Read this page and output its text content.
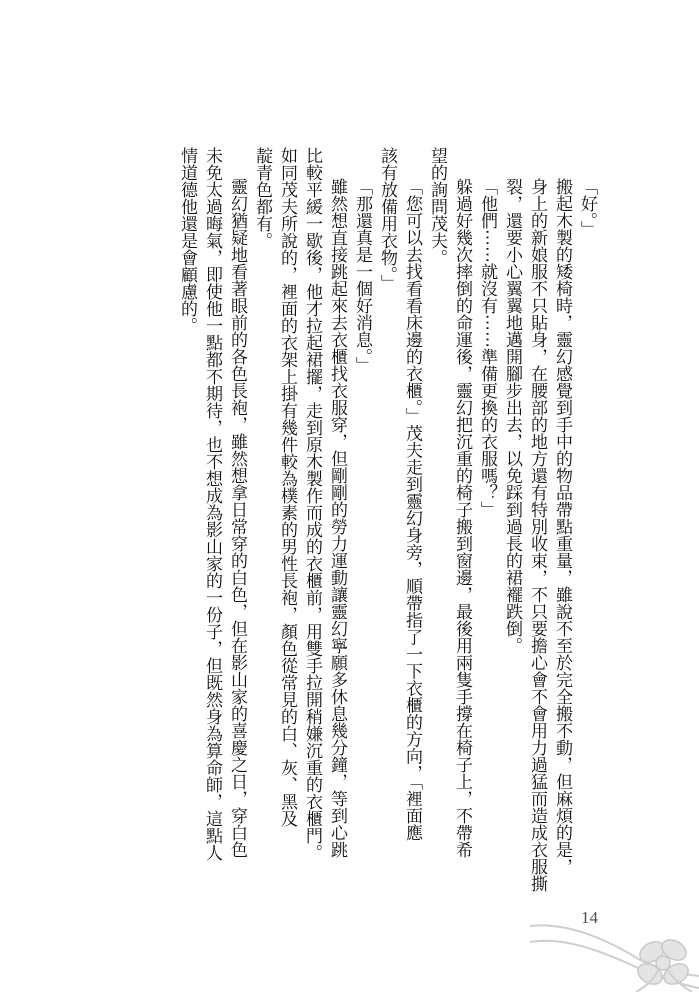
「好。」

搬起木製的矮椅時，靈幻感覺到手中的物品帶點重量，雖說不至於完全搬不動，但麻煩的是，

身上的新娘服不只貼身，在腰部的地方還有特別收束，不只要擔心會不會用力過猛而造成衣服撕

裂，還要小心翼翼地邁開腳步出去，以免踩到過長的裙襬跌倒。

「他們⋯⋯就沒有⋯⋯準備更換的衣服嗎？」

躲過好幾次摔倒的命運後，靈幻把沉重的椅子搬到窗邊，最後用兩隻手撐在椅子上，不帶希

望的詢問茂夫。

「您可以去找看看床邊的衣櫃。」茂夫走到靈幻身旁，順帶指了一下衣櫃的方向，「裡面應

該有放備用衣物。」

「那還真是一個好消息。」

雖然想直接跳起來去衣櫃找衣服穿，但剛剛的勞力運動讓靈幻寧願多休息幾分鐘，等到心跳

比較平緩一歇後，他才拉起裙擺，走到原木製作而成的衣櫃前，用雙手拉開稍嫌沉重的衣櫃門。

如同茂夫所說的，裡面的衣架上掛有幾件較為樸素的男性長袍，顏色從常見的白、灰、黑及

靛青色都有。

靈幻猶疑地看著眼前的各色長袍，雖然想拿日常穿的白色，但在影山家的喜慶之日，穿白色

未免太過晦氣，即使他一點都不期待，也不想成為影山家的一份子，但既然身為算命師，這點人

情道德他還是會顧慮的。

14
